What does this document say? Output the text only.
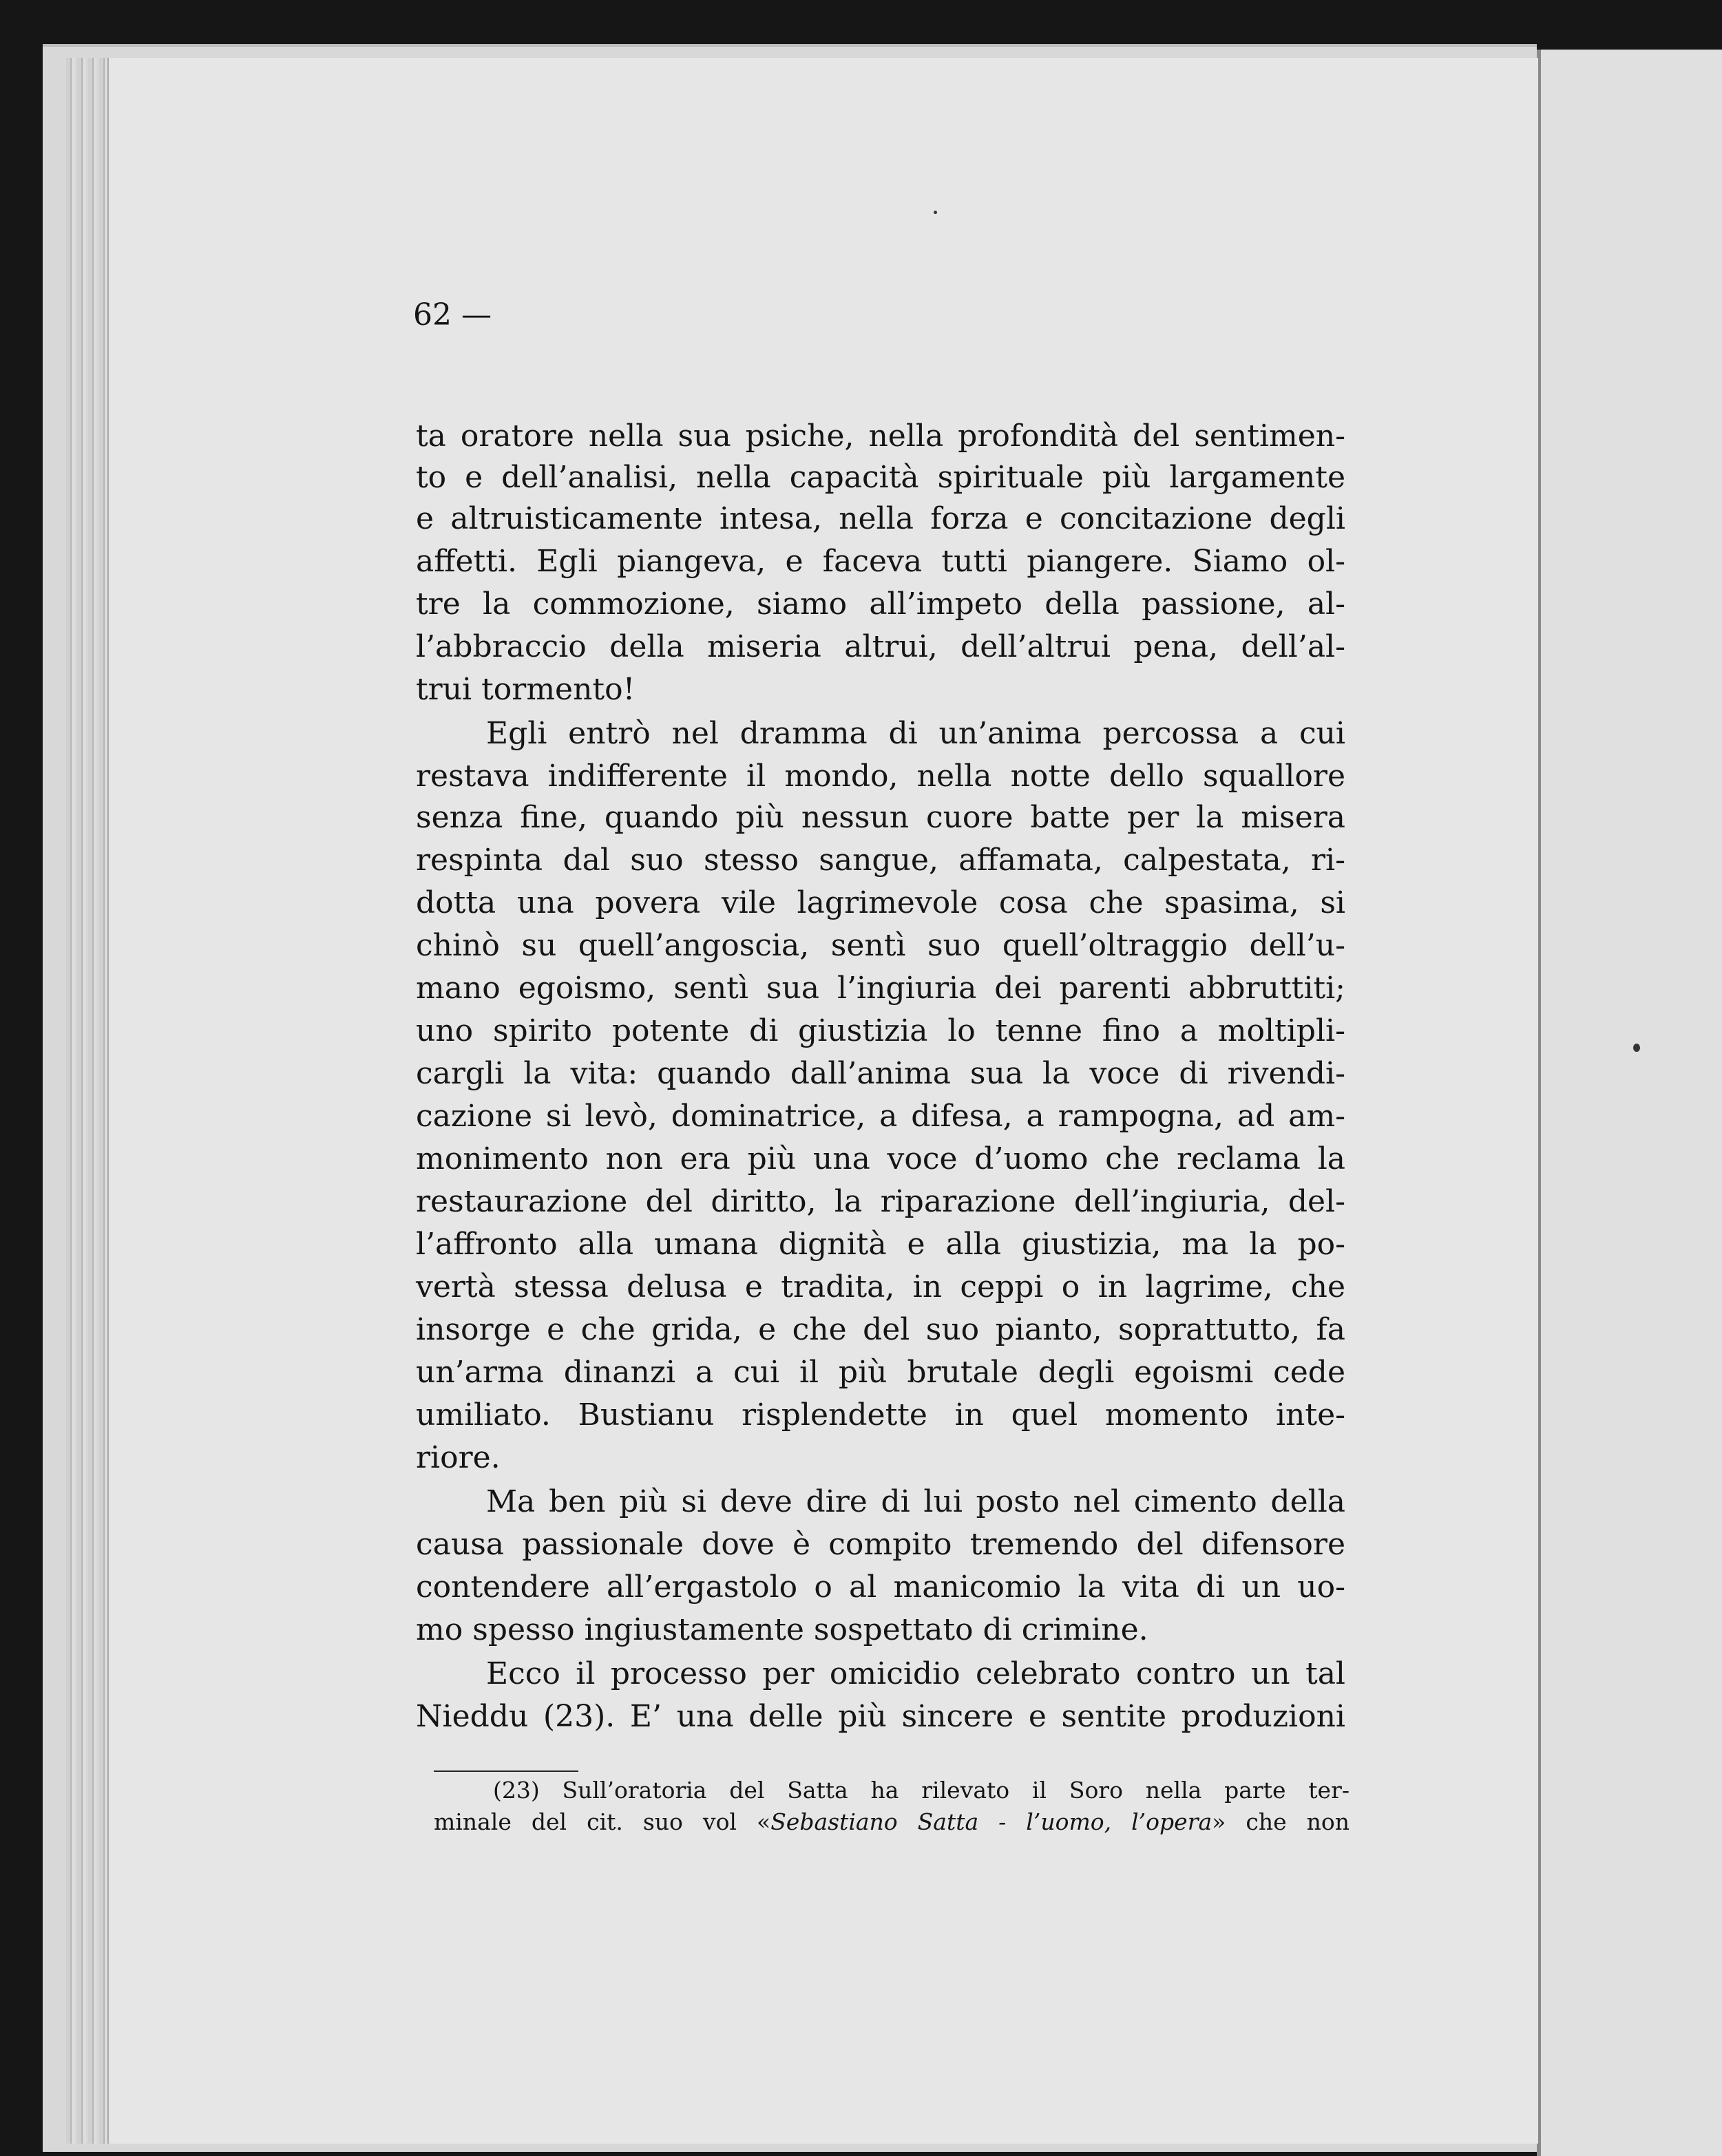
62 —
ta oratore nella sua psiche, nella profondità del sentimen-
to e dell’analisi, nella capacità spirituale più largamente
e altruisticamente intesa, nella forza e concitazione degli
affetti. Egli piangeva, e faceva tutti piangere. Siamo ol-
tre la commozione, siamo all’impeto della passione, al-
l’abbraccio della miseria altrui, dell’altrui pena, dell’al-
trui tormento!
Egli entrò nel dramma di un’anima percossa a cui
restava indifferente il mondo, nella notte dello squallore
senza fine, quando più nessun cuore batte per la misera
respinta dal suo stesso sangue, affamata, calpestata, ri-
dotta una povera vile lagrimevole cosa che spasima, si
chinò su quell’angoscia, sentì suo quell’oltraggio dell’u-
mano egoismo, sentì sua l’ingiuria dei parenti abbruttiti;
uno spirito potente di giustizia lo tenne fino a moltipli-
cargli la vita: quando dall’anima sua la voce di rivendi-
cazione si levò, dominatrice, a difesa, a rampogna, ad am-
monimento non era più una voce d’uomo che reclama la
restaurazione del diritto, la riparazione dell’ingiuria, del-
l’affronto alla umana dignità e alla giustizia, ma la po-
vertà stessa delusa e tradita, in ceppi o in lagrime, che
insorge e che grida, e che del suo pianto, soprattutto, fa
un’arma dinanzi a cui il più brutale degli egoismi cede
umiliato. Bustianu risplendette in quel momento inte-
riore.
Ma ben più si deve dire di lui posto nel cimento della
causa passionale dove è compito tremendo del difensore
contendere all’ergastolo o al manicomio la vita di un uo-
mo spesso ingiustamente sospettato di crimine.
Ecco il processo per omicidio celebrato contro un tal
Nieddu (23). E’ una delle più sincere e sentite produzioni
(23) Sull’oratoria del Satta ha rilevato il Soro nella parte ter-
minale del cit. suo vol «Sebastiano Satta - l’uomo, l’opera» che non
